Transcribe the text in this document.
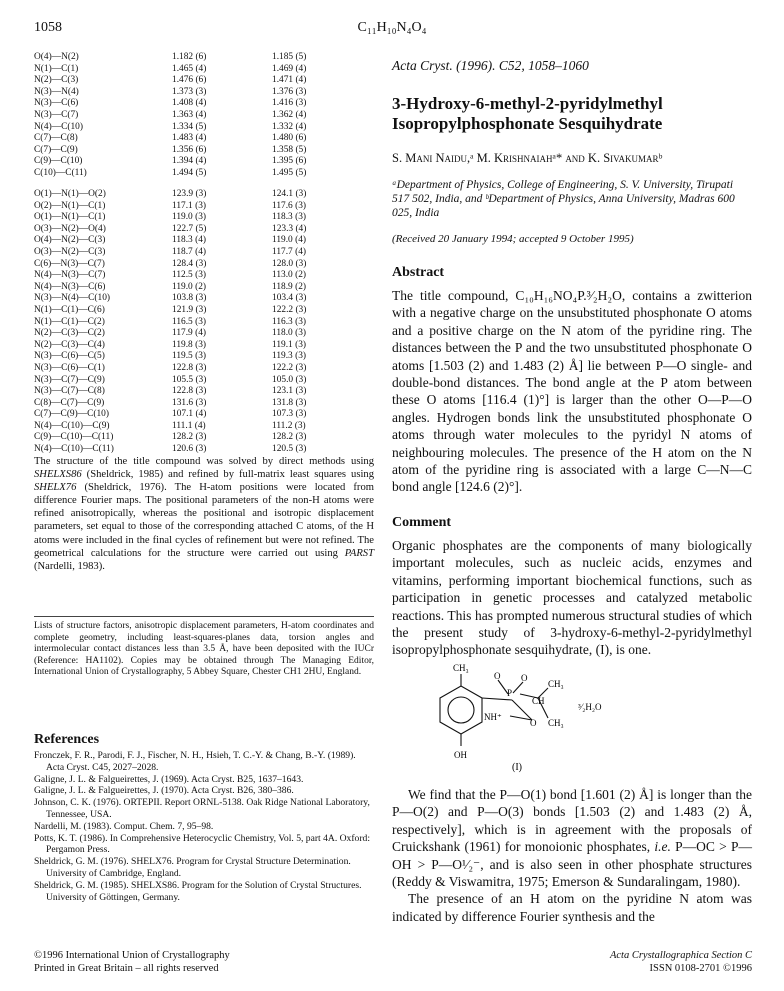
1058	C₁₁H₁₀N₄O₄
O(4)—N(2)	1.182 (6)	1.185 (5)
N(1)—C(1)	1.465 (4)	1.469 (4)
N(2)—C(3)	1.476 (6)	1.471 (4)
N(3)—N(4)	1.373 (3)	1.376 (3)
N(3)—C(6)	1.408 (4)	1.416 (3)
N(3)—C(7)	1.363 (4)	1.362 (4)
N(4)—C(10)	1.334 (5)	1.332 (4)
C(7)—C(8)	1.483 (4)	1.480 (6)
C(7)—C(9)	1.356 (6)	1.358 (5)
C(9)—C(10)	1.394 (4)	1.395 (6)
C(10)—C(11)	1.494 (5)	1.495 (5)
O(1)—N(1)—O(2)	123.9 (3)	124.1 (3)
O(2)—N(1)—C(1)	117.1 (3)	117.6 (3)
O(1)—N(1)—C(1)	119.0 (3)	118.3 (3)
O(3)—N(2)—O(4)	122.7 (5)	123.3 (4)
O(4)—N(2)—C(3)	118.3 (4)	119.0 (4)
O(3)—N(2)—C(3)	118.7 (4)	117.7 (4)
C(6)—N(3)—C(7)	128.4 (3)	128.0 (3)
N(4)—N(3)—C(7)	112.5 (3)	113.0 (2)
N(4)—N(3)—C(6)	119.0 (2)	118.9 (2)
N(3)—N(4)—C(10)	103.8 (3)	103.4 (3)
N(1)—C(1)—C(6)	121.9 (3)	122.2 (3)
N(1)—C(1)—C(2)	116.5 (3)	116.3 (3)
N(2)—C(3)—C(2)	117.9 (4)	118.0 (3)
N(2)—C(3)—C(4)	119.8 (3)	119.1 (3)
N(3)—C(6)—C(5)	119.5 (3)	119.3 (3)
N(3)—C(6)—C(1)	122.8 (3)	122.2 (3)
N(3)—C(7)—C(9)	105.5 (3)	105.0 (3)
N(3)—C(7)—C(8)	122.8 (3)	123.1 (3)
C(8)—C(7)—C(9)	131.6 (3)	131.8 (3)
C(7)—C(9)—C(10)	107.1 (4)	107.3 (3)
N(4)—C(10)—C(9)	111.1 (4)	111.2 (3)
C(9)—C(10)—C(11)	128.2 (3)	128.2 (3)
N(4)—C(10)—C(11)	120.6 (3)	120.5 (3)

The structure of the title compound was solved by direct methods using SHELXS86 (Sheldrick, 1985) and refined by full-matrix least squares using SHELX76 (Sheldrick, 1976). The H-atom positions were located from difference Fourier maps. The positional parameters of the non-H atoms were refined anisotropically, whereas the positional and isotropic displacement parameters, set equal to those of the corresponding attached C atoms, of the H atoms were included in the final cycles of refinement but were not refined. The geometrical calculations for the structure were carried out using PARST (Nardelli, 1983).

Lists of structure factors, anisotropic displacement parameters, H-atom coordinates and complete geometry, including least-squares-planes data, torsion angles and intermolecular contact distances less than 3.5 Å, have been deposited with the IUCr (Reference: HA1102). Copies may be obtained through The Managing Editor, International Union of Crystallography, 5 Abbey Square, Chester CH1 2HU, England.

References

Fronczek, F. R., Parodi, F. J., Fischer, N. H., Hsieh, T. C.-Y. & Chang, B.-Y. (1989). Acta Cryst. C45, 2027–2028.

Galigne, J. L. & Falgueirettes, J. (1969). Acta Cryst. B25, 1637–1643.

Galigne, J. L. & Falgueirettes, J. (1970). Acta Cryst. B26, 380–386.

Johnson, C. K. (1976). ORTEPII. Report ORNL-5138. Oak Ridge National Laboratory, Tennessee, USA.

Nardelli, M. (1983). Comput. Chem. 7, 95–98.

Potts, K. T. (1986). In Comprehensive Heterocyclic Chemistry, Vol. 5, part 4A. Oxford: Pergamon Press.

Sheldrick, G. M. (1976). SHELX76. Program for Crystal Structure Determination. University of Cambridge, England.

Sheldrick, G. M. (1985). SHELXS86. Program for the Solution of Crystal Structures. University of Göttingen, Germany.

Acta Cryst. (1996). C52, 1058–1060

3-Hydroxy-6-methyl-2-pyridylmethyl
Isopropylphosphonate Sesquihydrate

S. Mani Naidu,ᵃ M. Krishnaiahᵃ* and K. Sivakumarᵇ
ᵃDepartment of Physics, College of Engineering, S. V. University, Tirupati 517 502, India, and ᵇDepartment of Physics, Anna University, Madras 600 025, India
(Received 20 January 1994; accepted 9 October 1995)
Abstract

The title compound, C₁₀H₁₆NO₄P.³⁄₂H₂O, contains a zwitterion with a negative charge on the unsubstituted phosphonate O atoms and a positive charge on the N atom of the pyridine ring. The distances between the P and the two unsubstituted phosphonate O atoms [1.503 (2) and 1.483 (2) Å] lie between P—O single- and double-bond distances. The bond angle at the P atom between these O atoms [116.4 (1)°] is larger than the other O—P—O angles. Hydrogen bonds link the unsubstituted phosphonate O atoms through water molecules to the pyridyl N atoms of neighbouring molecules. The presence of the H atom on the N atom of the pyridine ring is associated with a large C—N—C bond angle [124.6 (2)°].

Comment

Organic phosphates are the components of many biologically important molecules, such as nucleic acids, enzymes and vitamins, performing important biochemical functions, such as participation in genetic processes and catalyzed metabolic reactions. This has prompted numerous structural studies of which the present study of 3-hydroxy-6-methyl-2-pyridylmethyl isopropylphosphonate sesquihydrate, (I), is one.

CH₃
O O
P
CH₃
NH⁺
CH
O CH₃
³⁄₂H₂O
OH
(I)

We find that the P—O(1) bond [1.601 (2) Å] is longer than the P—O(2) and P—O(3) bonds [1.503 (2) and 1.483 (2) Å, respectively], which is in agreement with the proposals of Cruickshank (1961) for monoionic phosphates, i.e. P—OC > P—OH > P—O¹⁄₂⁻, and is also seen in other phosphate structures (Reddy & Viswamitra, 1975; Emerson & Sundaralingam, 1980).

The presence of an H atom on the pyridine N atom was indicated by difference Fourier synthesis and the

©1996 International Union of Crystallography
Printed in Great Britain – all rights reserved
Acta Crystallographica Section C
ISSN 0108-2701 ©1996
